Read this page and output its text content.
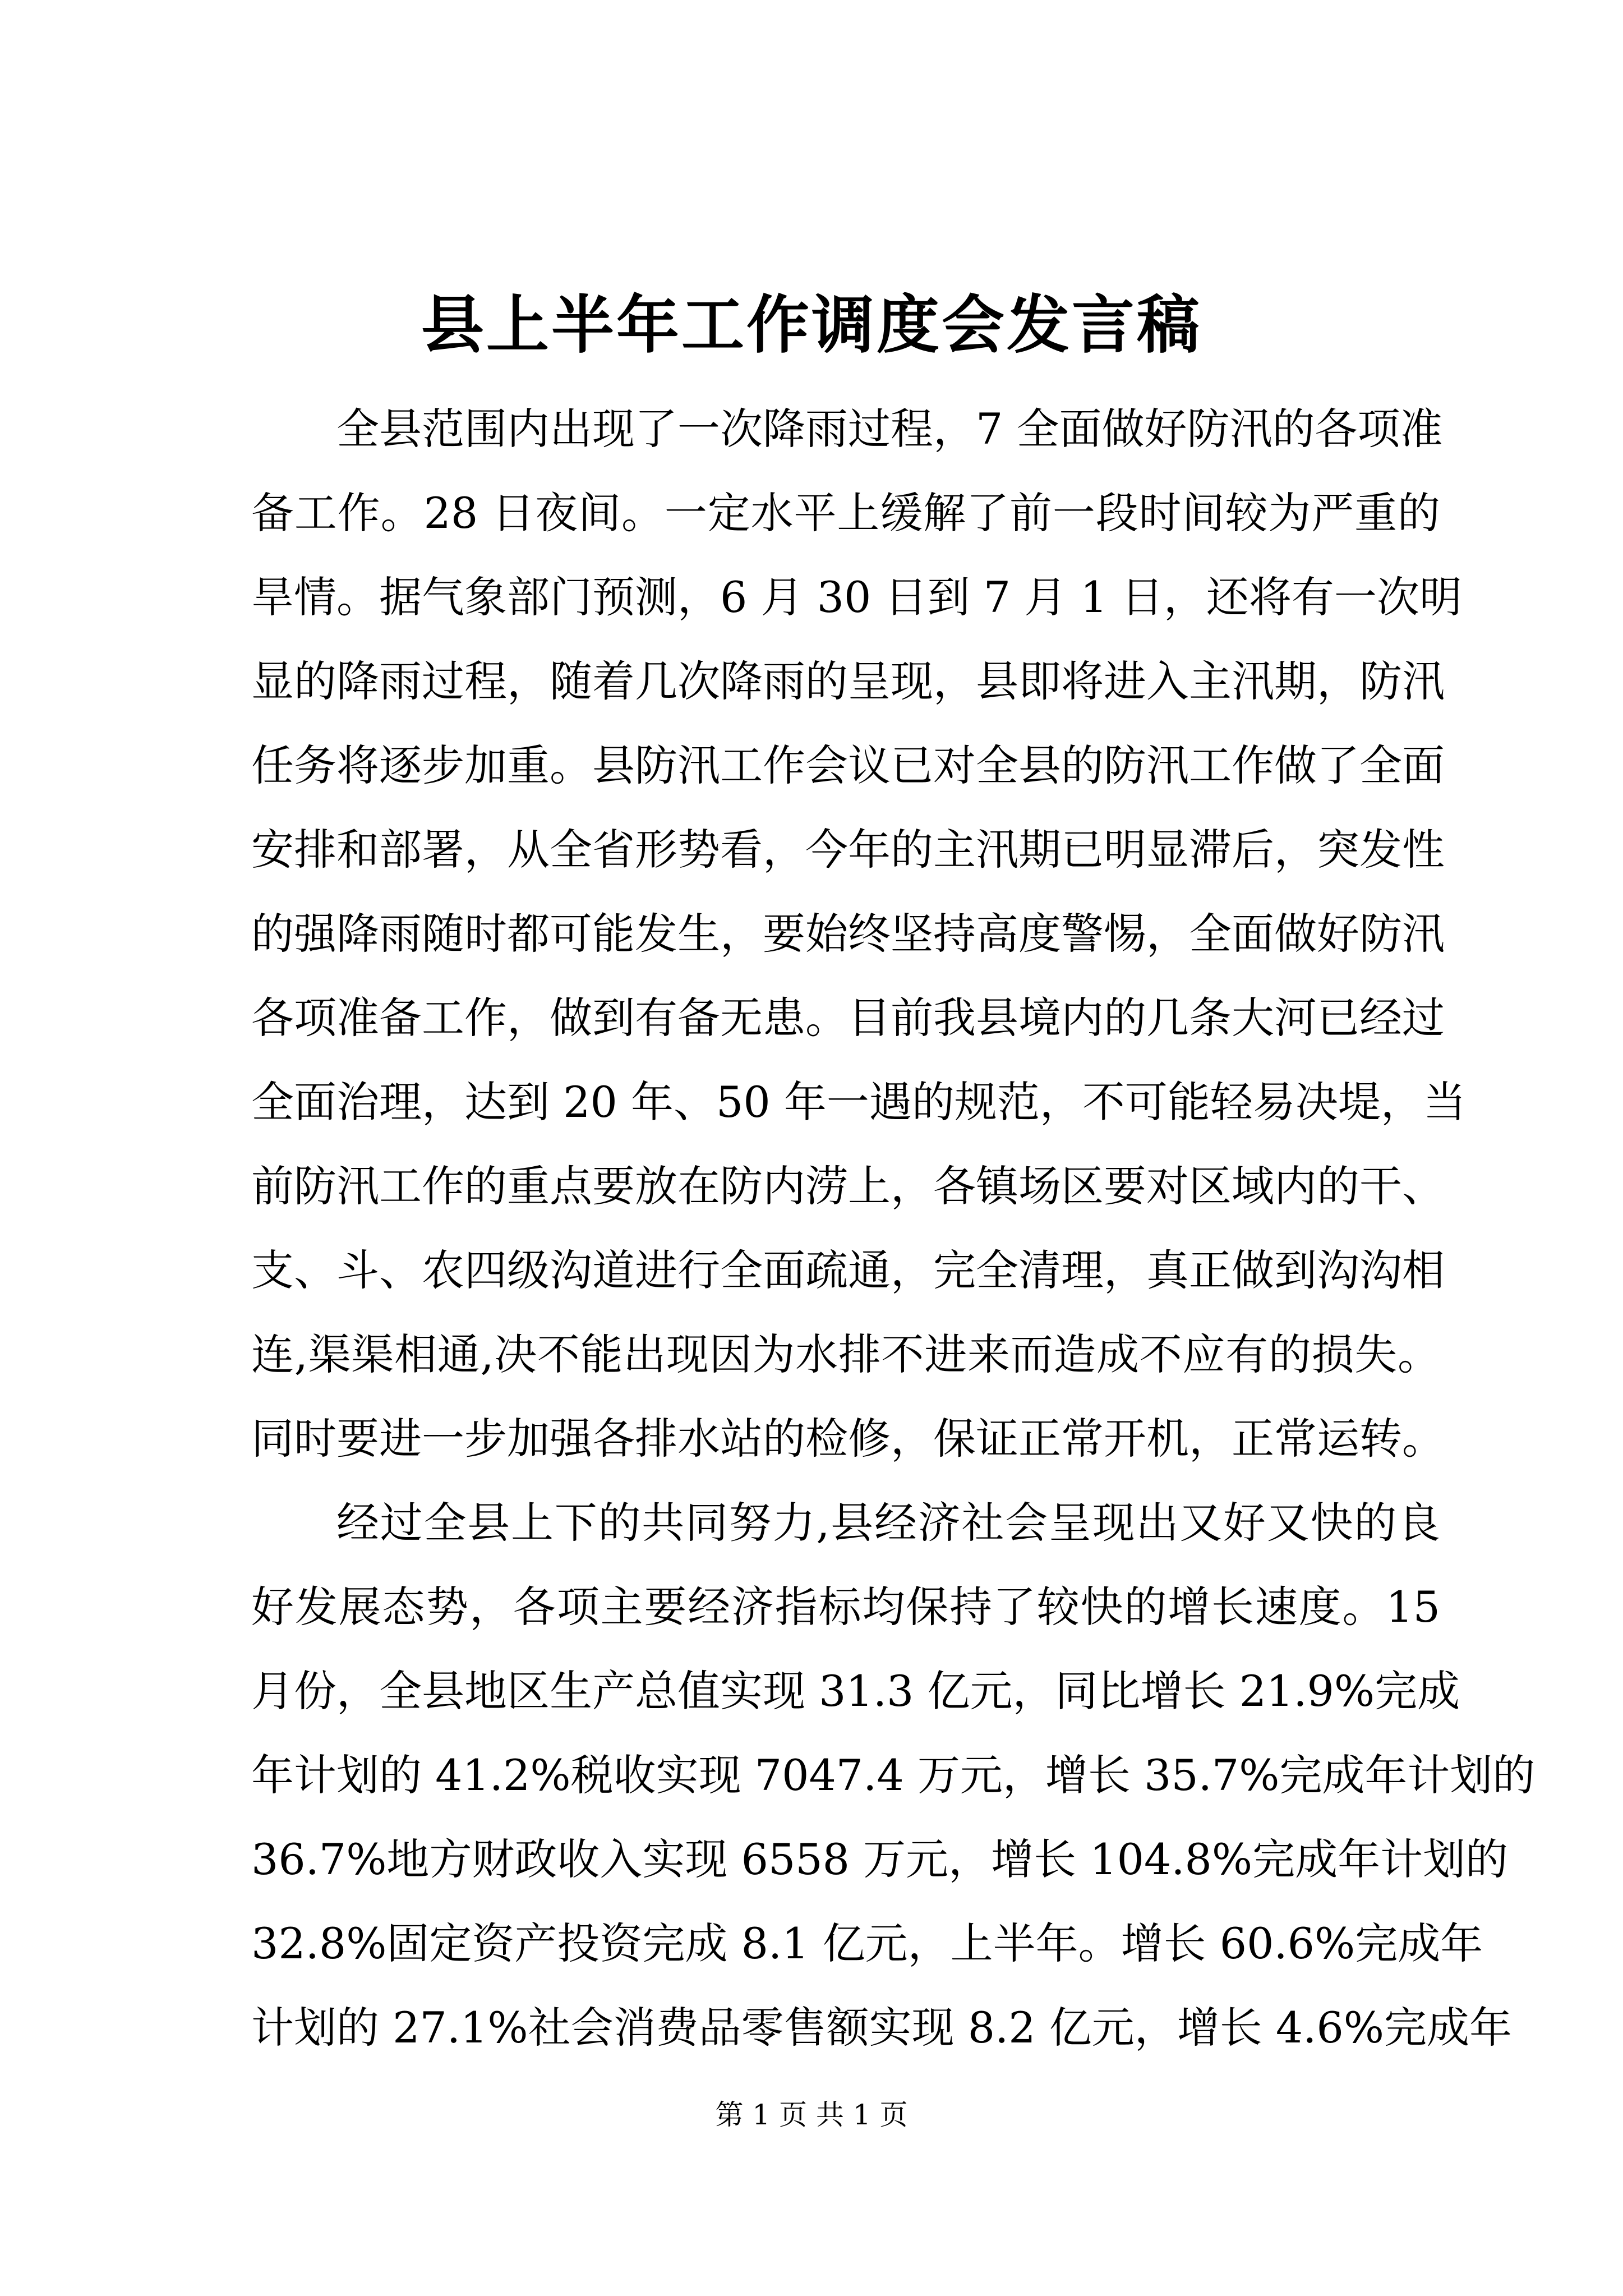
县上半年工作调度会发言稿

全县范围内出现了一次降雨过程，7 全面做好防汛的各项准

备工作。28 日夜间。一定水平上缓解了前一段时间较为严重的

旱情。据气象部门预测，6 月 30 日到 7 月 1 日，还将有一次明

显的降雨过程，随着几次降雨的呈现，县即将进入主汛期，防汛

任务将逐步加重。县防汛工作会议已对全县的防汛工作做了全面

安排和部署，从全省形势看，今年的主汛期已明显滞后，突发性

的强降雨随时都可能发生，要始终坚持高度警惕，全面做好防汛

各项准备工作，做到有备无患。目前我县境内的几条大河已经过

全面治理，达到 20 年、50 年一遇的规范，不可能轻易决堤，当

前防汛工作的重点要放在防内涝上，各镇场区要对区域内的干、

支、斗、农四级沟道进行全面疏通，完全清理，真正做到沟沟相

连,渠渠相通,决不能出现因为水排不进来而造成不应有的损失。

同时要进一步加强各排水站的检修，保证正常开机，正常运转。

经过全县上下的共同努力,县经济社会呈现出又好又快的良

好发展态势，各项主要经济指标均保持了较快的增长速度。15

月份，全县地区生产总值实现 31.3 亿元，同比增长 21.9%完成

年计划的 41.2%税收实现 7047.4 万元，增长 35.7%完成年计划的

36.7%地方财政收入实现 6558 万元，增长 104.8%完成年计划的

32.8%固定资产投资完成 8.1 亿元，上半年。增长 60.6%完成年

计划的 27.1%社会消费品零售额实现 8.2 亿元，增长 4.6%完成年

第 1 页 共 1 页
